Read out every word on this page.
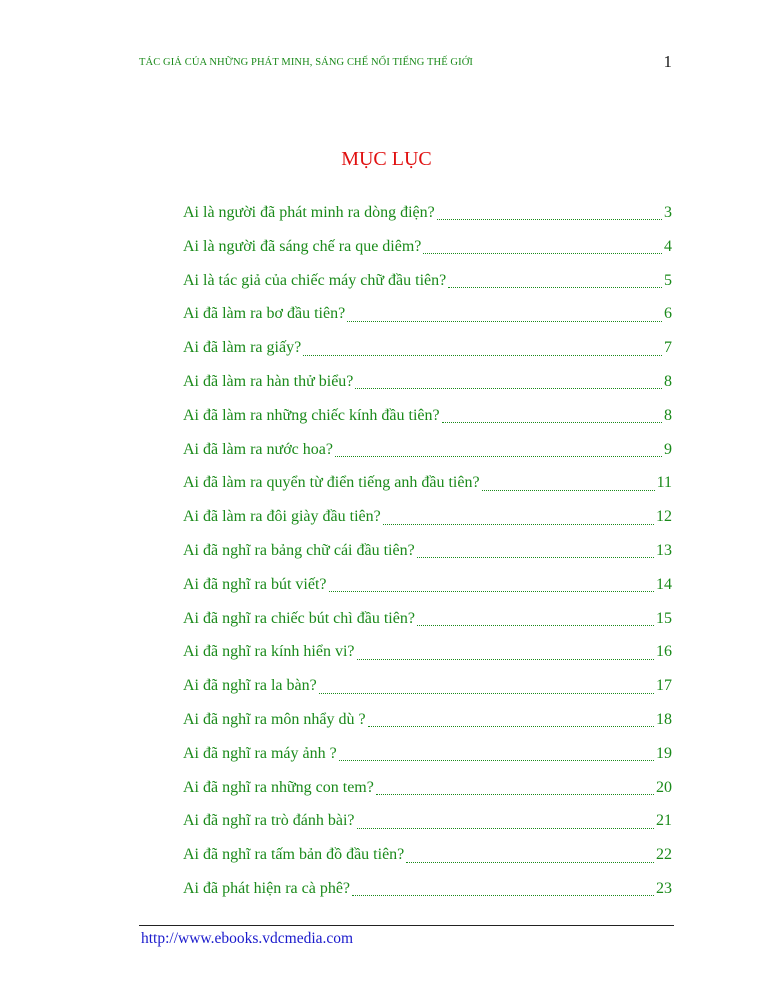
TÁC GIẢ CỦA NHỮNG PHÁT MINH, SÁNG CHẾ NỔI TIẾNG THẾ GIỚI	1
MỤC LỤC
Ai là người đã phát minh ra dòng điện?	3
Ai là người đã sáng chế ra que diêm?	4
Ai là tác giả của chiếc máy chữ đầu tiên?	5
Ai đã làm ra bơ đầu tiên?	6
Ai đã làm ra giấy?	7
Ai đã làm ra hàn thử biểu?	8
Ai đã làm ra những chiếc kính đầu tiên?	8
Ai đã làm ra nước hoa?	9
Ai đã làm ra quyển từ điển tiếng anh đầu tiên?	11
Ai đã làm ra đôi giày đầu tiên?	12
Ai đã nghĩ ra bảng chữ cái đầu tiên?	13
Ai đã nghĩ ra bút viết?	14
Ai đã nghĩ ra chiếc bút chì đầu tiên?	15
Ai đã nghĩ ra kính hiển vi?	16
Ai đã nghĩ ra la bàn?	17
Ai đã nghĩ ra môn nhẩy dù ?	18
Ai đã nghĩ ra máy ảnh ?	19
Ai đã nghĩ ra những con tem?	20
Ai đã nghĩ ra trò đánh bài?	21
Ai đã nghĩ ra tấm bản đồ đầu tiên?	22
Ai đã phát hiện ra cà phê?	23
http://www.ebooks.vdcmedia.com
